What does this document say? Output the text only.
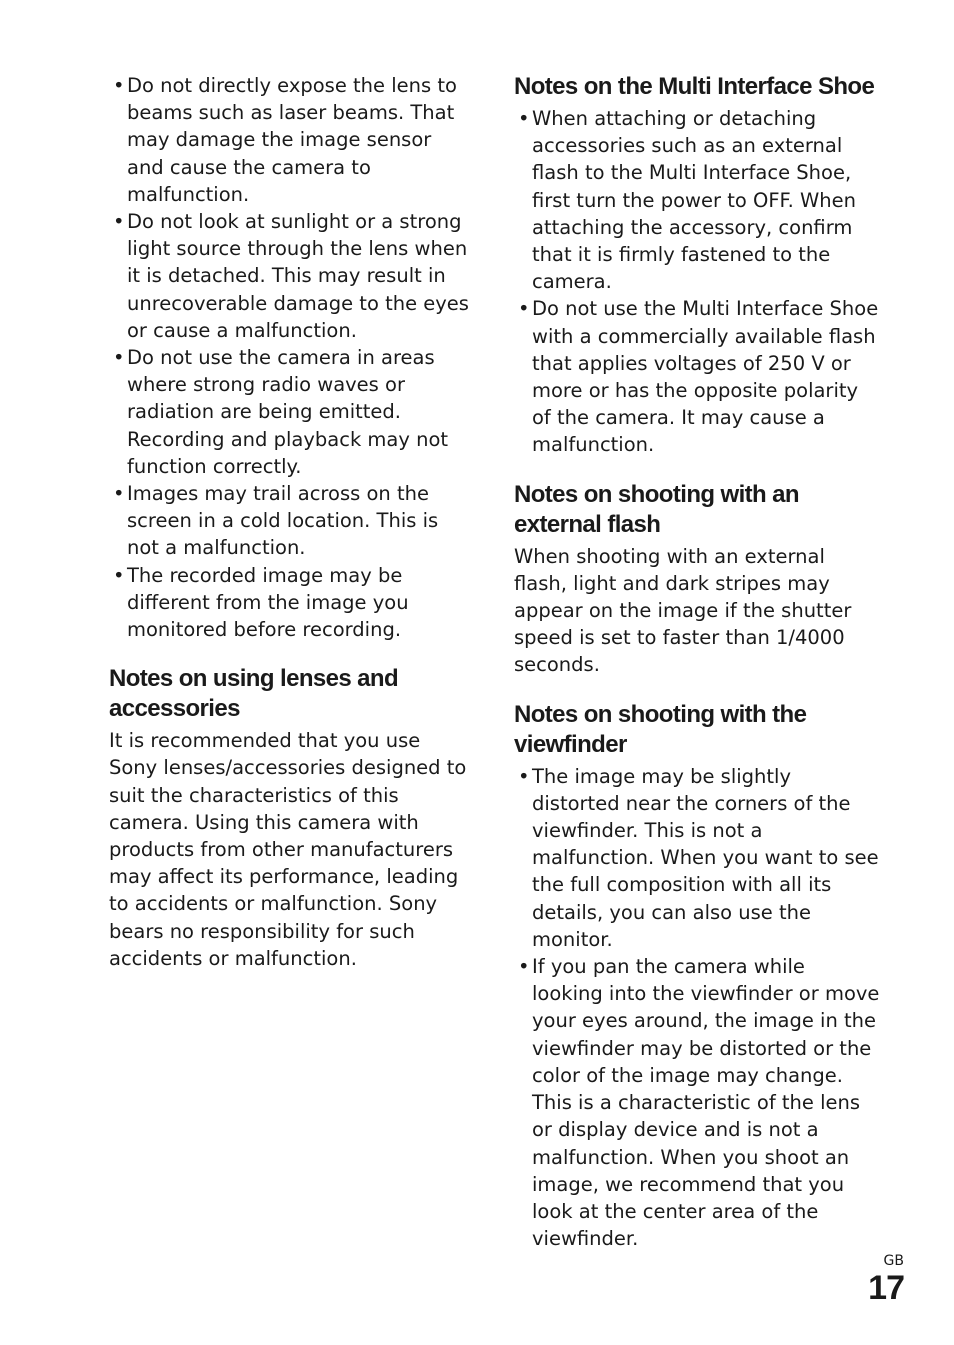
• Do not directly expose the lens to beams such as laser beams. That may damage the image sensor and cause the camera to malfunction.
• Do not look at sunlight or a strong light source through the lens when it is detached. This may result in unrecoverable damage to the eyes or cause a malfunction.
• Do not use the camera in areas where strong radio waves or radiation are being emitted. Recording and playback may not function correctly.
• Images may trail across on the screen in a cold location. This is not a malfunction.
• The recorded image may be different from the image you monitored before recording.
Notes on using lenses and accessories

It is recommended that you use Sony lenses/accessories designed to suit the characteristics of this camera. Using this camera with products from other manufacturers may affect its performance, leading to accidents or malfunction. Sony bears no responsibility for such accidents or malfunction.

Notes on the Multi Interface Shoe
• When attaching or detaching accessories such as an external flash to the Multi Interface Shoe, first turn the power to OFF. When attaching the accessory, confirm that it is firmly fastened to the camera.
• Do not use the Multi Interface Shoe with a commercially available flash that applies voltages of 250 V or more or has the opposite polarity of the camera. It may cause a malfunction.
Notes on shooting with an external flash

When shooting with an external flash, light and dark stripes may appear on the image if the shutter speed is set to faster than 1/4000 seconds.

Notes on shooting with the viewfinder
• The image may be slightly distorted near the corners of the viewfinder. This is not a malfunction. When you want to see the full composition with all its details, you can also use the monitor.
• If you pan the camera while looking into the viewfinder or move your eyes around, the image in the viewfinder may be distorted or the color of the image may change. This is a characteristic of the lens or display device and is not a malfunction. When you shoot an image, we recommend that you look at the center area of the viewfinder.
GB
17
